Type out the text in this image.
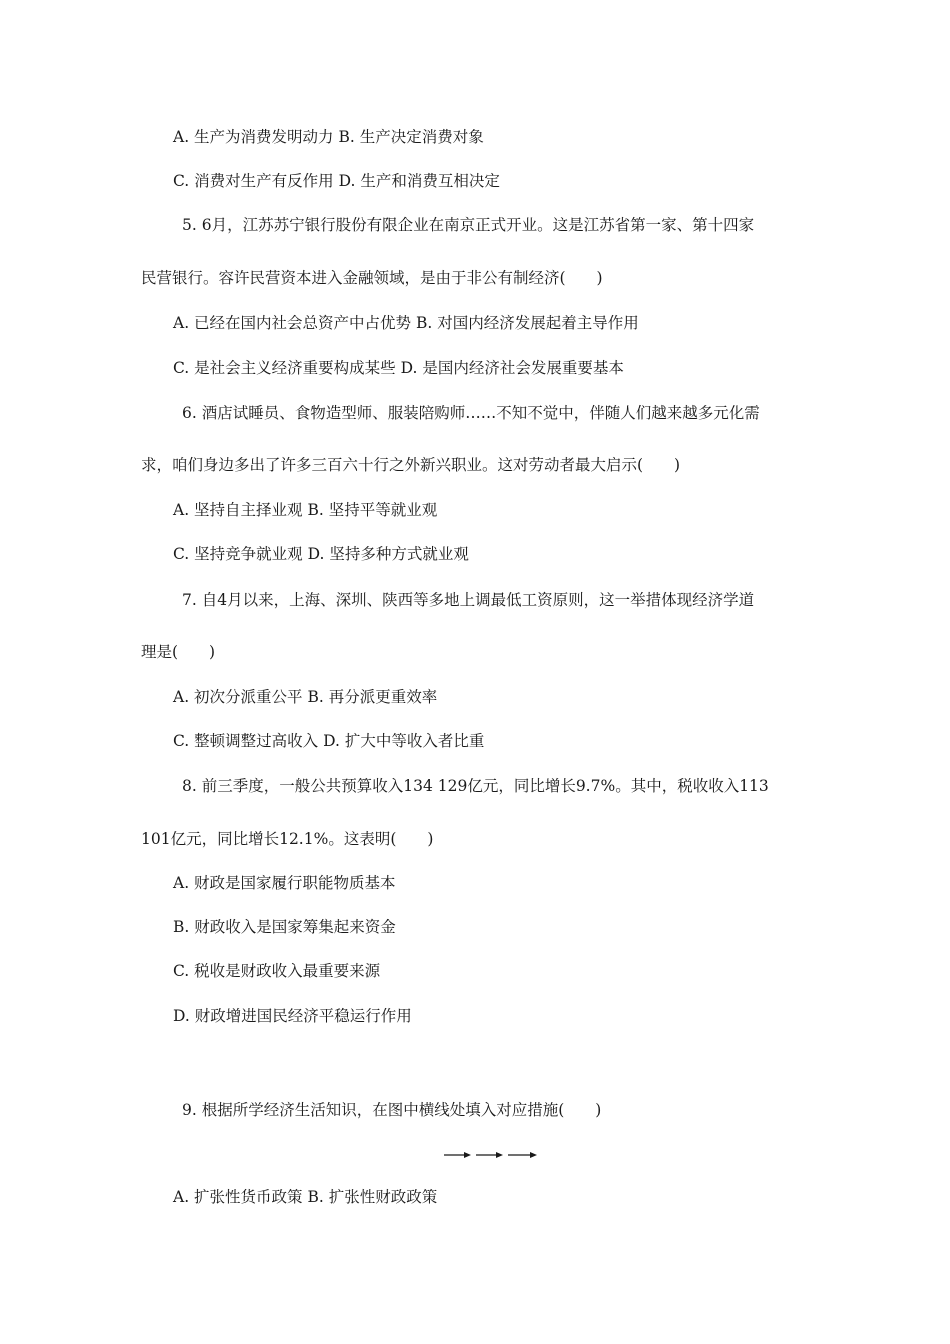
A. 生产为消费发明动力 B. 生产决定消费对象
C. 消费对生产有反作用 D. 生产和消费互相决定
5. 6月，江苏苏宁银行股份有限企业在南京正式开业。这是江苏省第一家、第十四家
民营银行。容许民营资本进入金融领域，是由于非公有制经济(　　)
A. 已经在国内社会总资产中占优势 B. 对国内经济发展起着主导作用
C. 是社会主义经济重要构成某些 D. 是国内经济社会发展重要基本
6. 酒店试睡员、食物造型师、服装陪购师……不知不觉中，伴随人们越来越多元化需
求，咱们身边多出了许多三百六十行之外新兴职业。这对劳动者最大启示(　　)
A. 坚持自主择业观 B. 坚持平等就业观
C. 坚持竞争就业观 D. 坚持多种方式就业观
7. 自4月以来，上海、深圳、陕西等多地上调最低工资原则，这一举措体现经济学道
理是(　　)
A. 初次分派重公平 B. 再分派更重效率
C. 整顿调整过高收入 D. 扩大中等收入者比重
8. 前三季度，一般公共预算收入134 129亿元，同比增长9.7%。其中，税收收入113
101亿元，同比增长12.1%。这表明(　　)
A. 财政是国家履行职能物质基本
B. 财政收入是国家筹集起来资金
C. 税收是财政收入最重要来源
D. 财政增进国民经济平稳运行作用
9. 根据所学经济生活知识，在图中横线处填入对应措施(　　)
A. 扩张性货币政策 B. 扩张性财政政策
